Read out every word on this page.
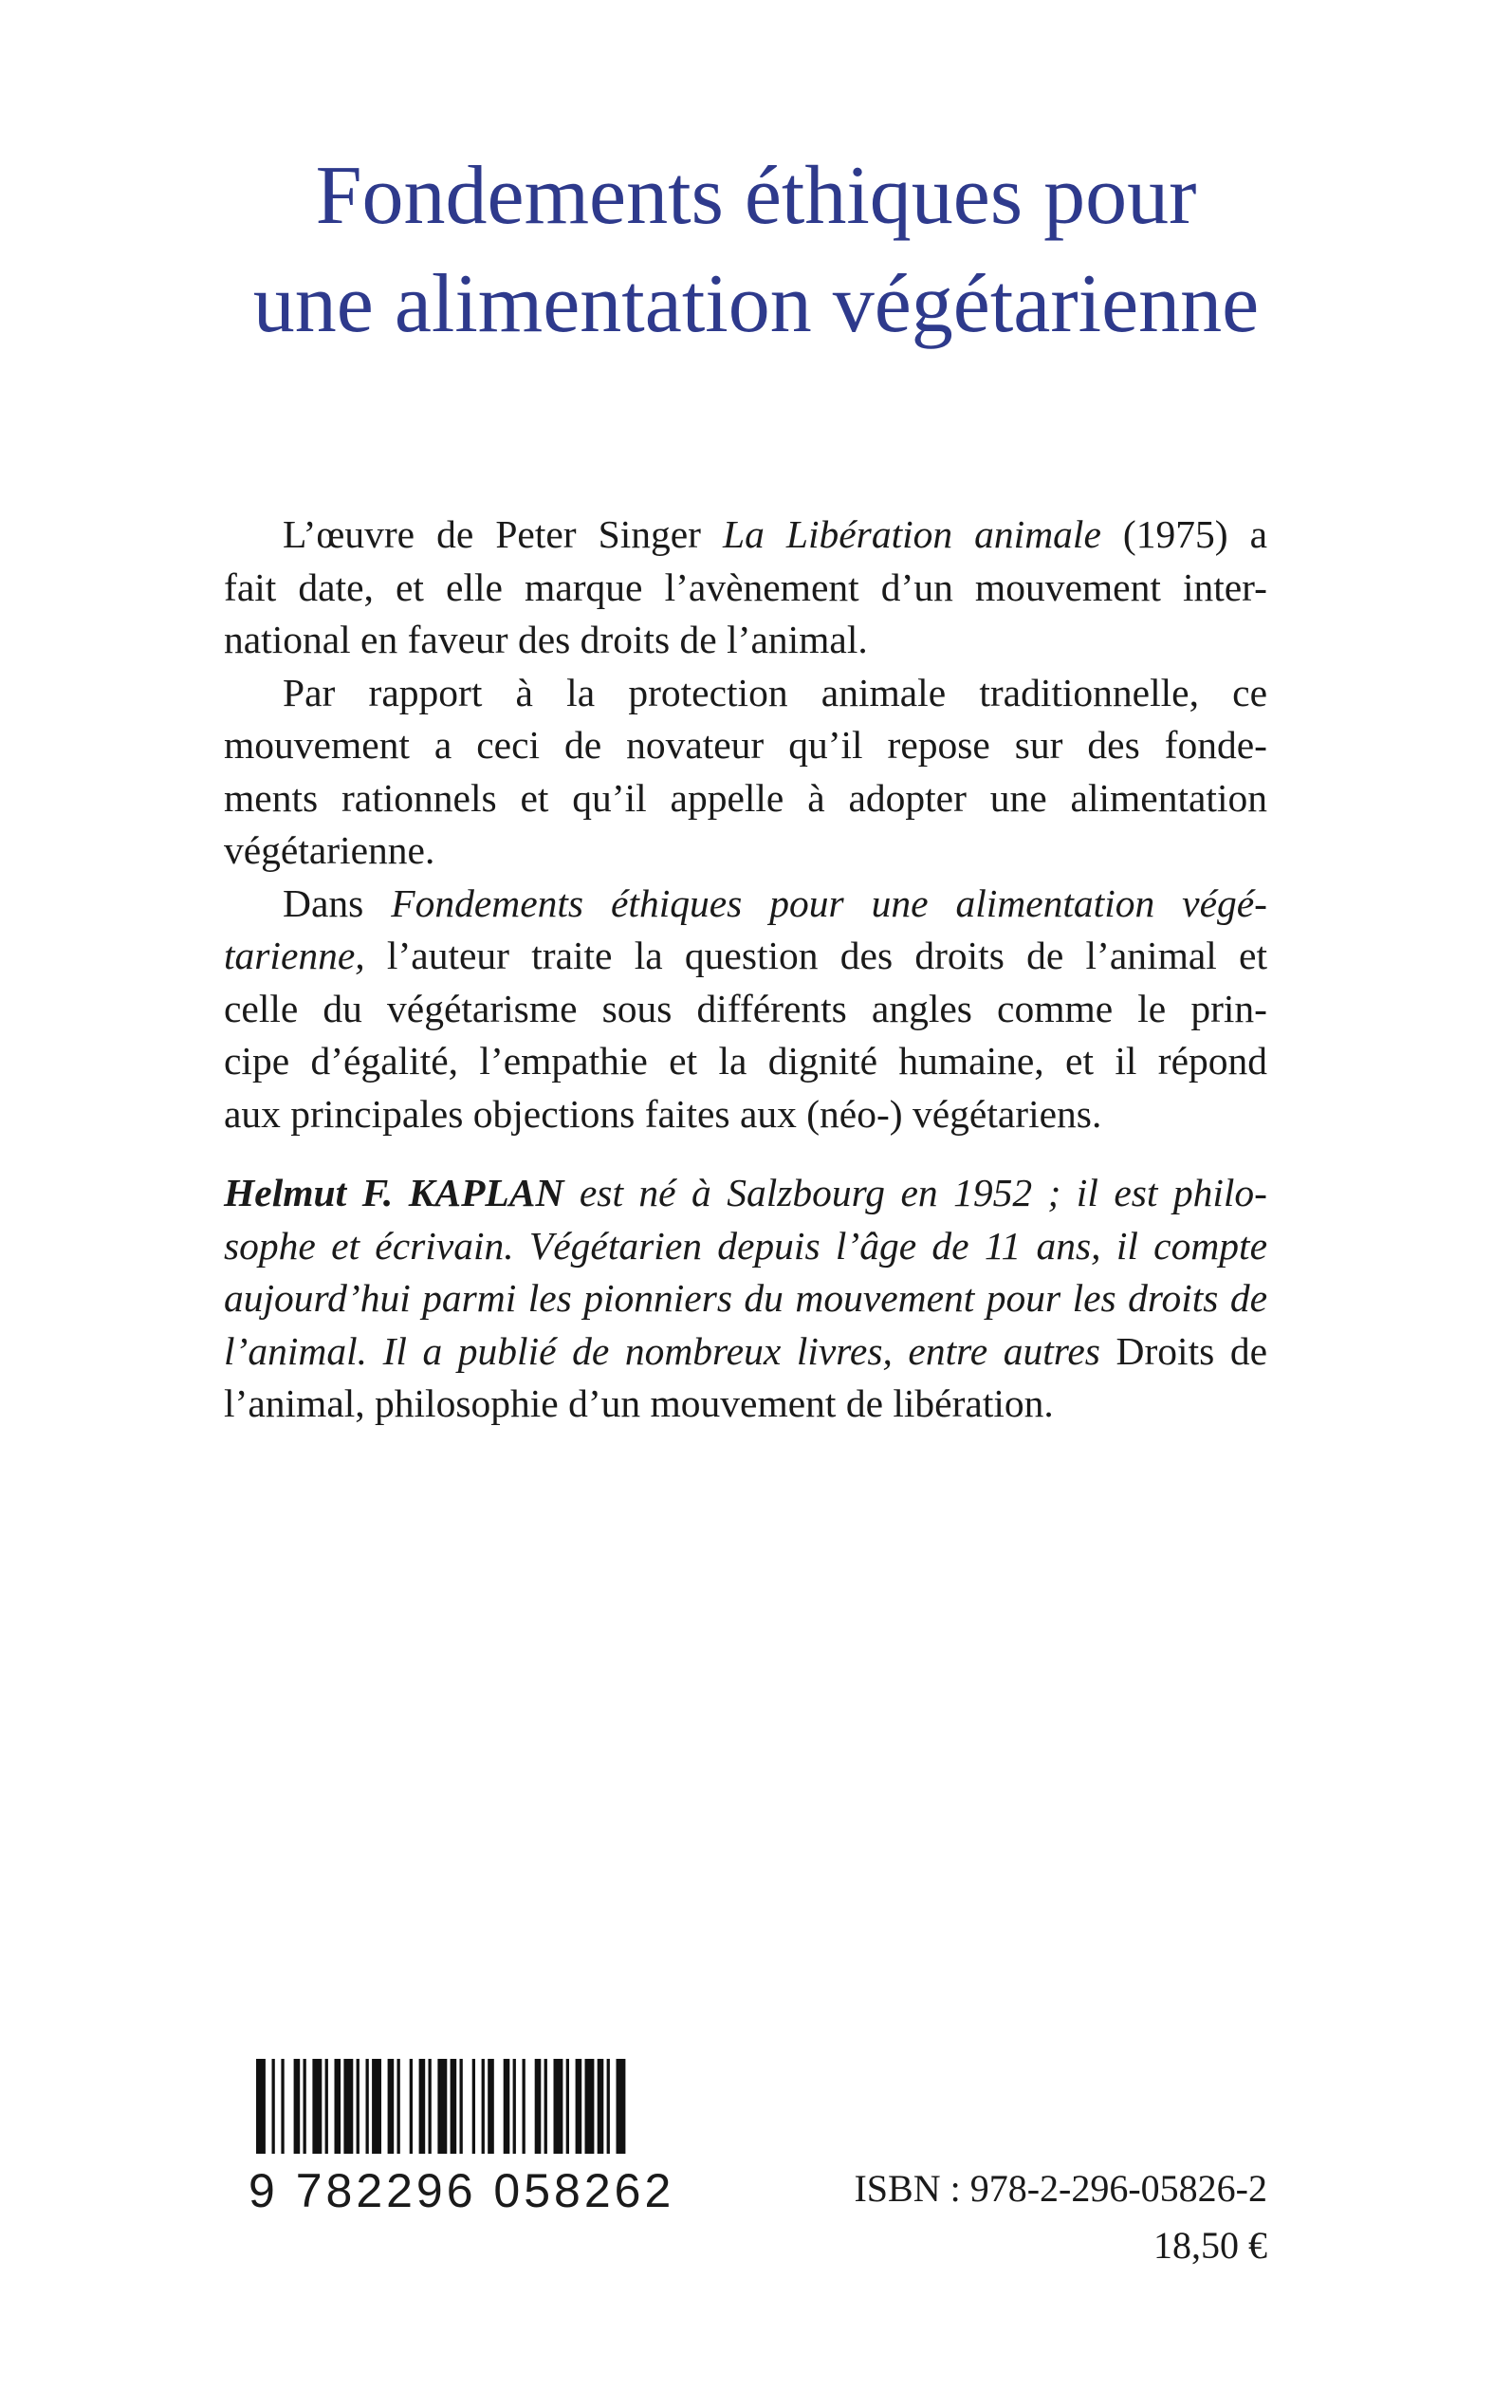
Fondements éthiques pour
une alimentation végétarienne
L’œuvre de Peter Singer La Libération animale (1975) a
fait date, et elle marque l’avènement d’un mouvement inter-
national en faveur des droits de l’animal.
Par rapport à la protection animale traditionnelle, ce
mouvement a ceci de novateur qu’il repose sur des fonde-
ments rationnels et qu’il appelle à adopter une alimentation
végétarienne.
Dans Fondements éthiques pour une alimentation végé-
tarienne, l’auteur traite la question des droits de l’animal et
celle du végétarisme sous différents angles comme le prin-
cipe d’égalité, l’empathie et la dignité humaine, et il répond
aux principales objections faites aux (néo-) végétariens.
Helmut F. KAPLAN est né à Salzbourg en 1952 ; il est philo-
sophe et écrivain. Végétarien depuis l’âge de 11 ans, il compte
aujourd’hui parmi les pionniers du mouvement pour les droits de
l’animal. Il a publié de nombreux livres, entre autres Droits de
l’animal, philosophie d’un mouvement de libération.
9 782296 058262	ISBN : 978-2-296-05826-2

18,50 €
